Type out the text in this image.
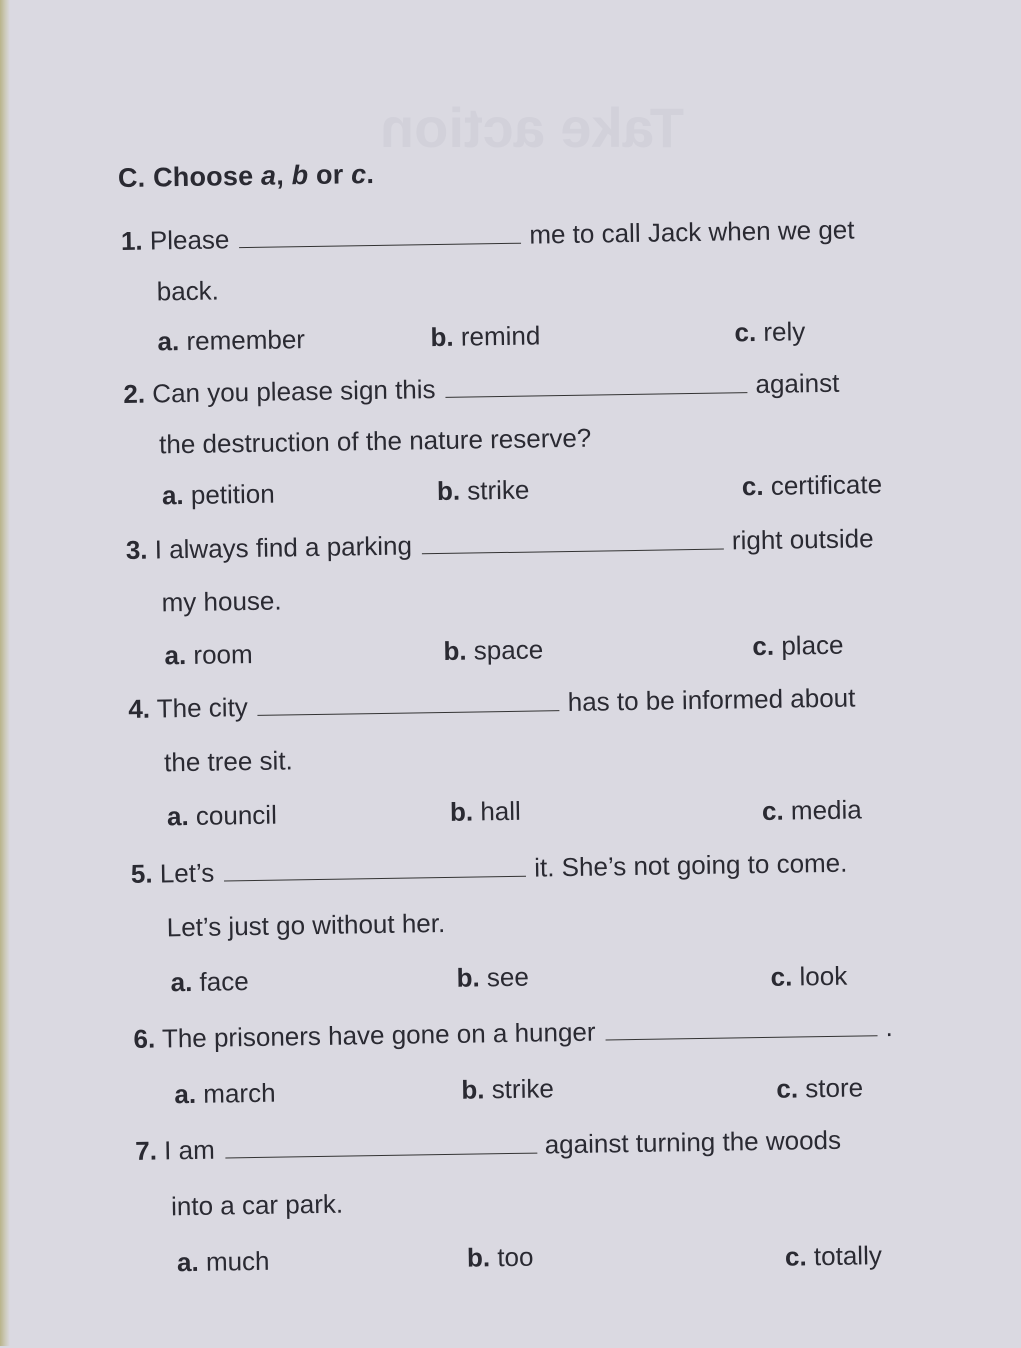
Take action
C. Choose a, b or c.
1. Please	me to call Jack when we get
back.
a. remember	b. remind	c. rely
2. Can you please sign this	against
the destruction of the nature reserve?
a. petition	b. strike	c. certificate
3. I always find a parking	right outside
my house.
a. room	b. space	c. place
4. The city	has to be informed about
the tree sit.
a. council	b. hall	c. media
5. Let’s	it. She’s not going to come.
Let’s just go without her.
a. face	b. see	c. look
6. The prisoners have gone on a hunger	.
a. march	b. strike	c. store
7. I am	against turning the woods
into a car park.
a. much	b. too	c. totally
